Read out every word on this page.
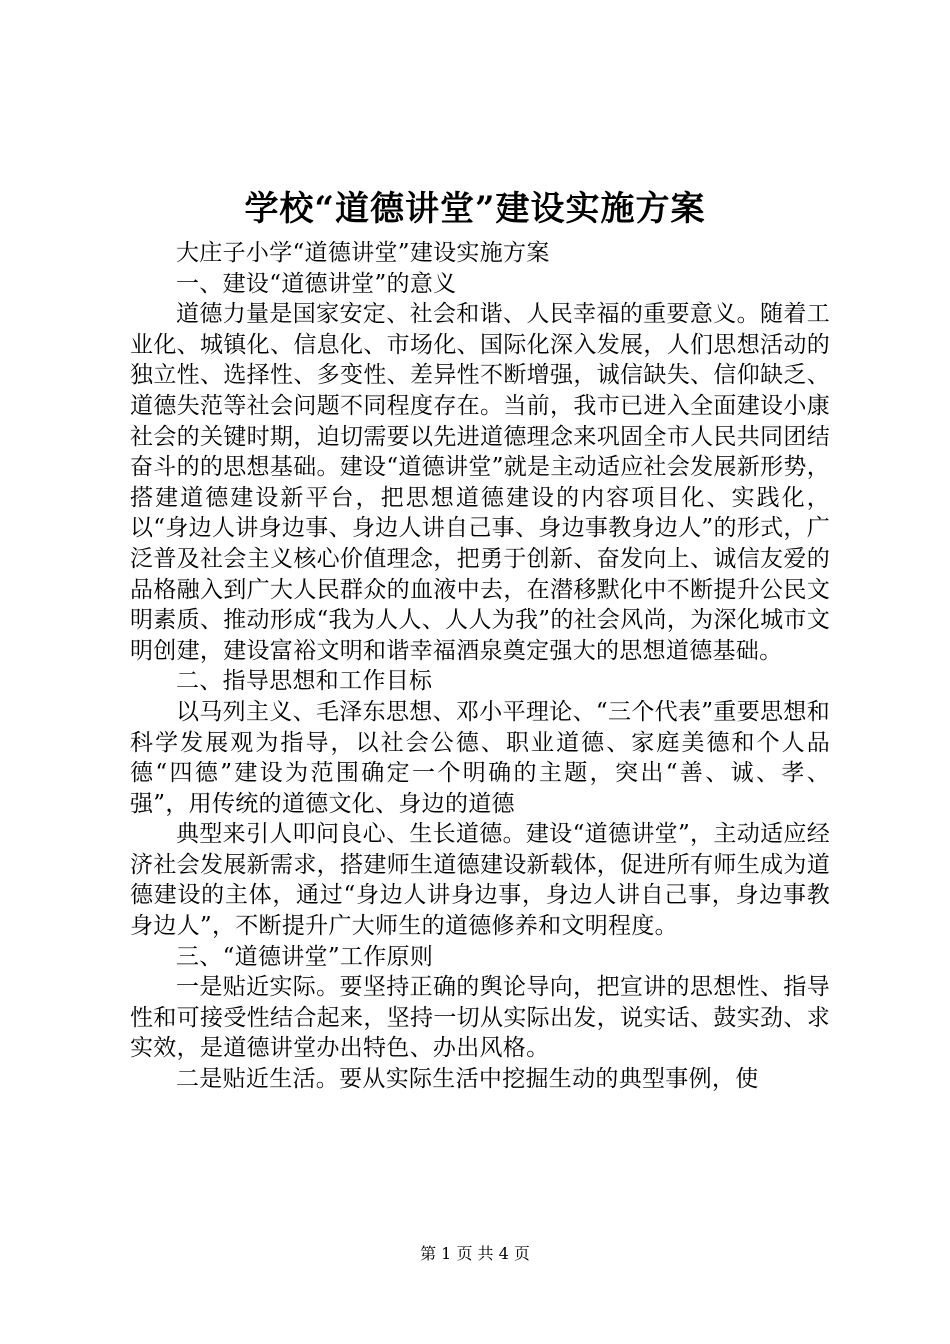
学校“道德讲堂”建设实施方案

大庄子小学“道德讲堂”建设实施方案

一、建设“道德讲堂”的意义

道德力量是国家安定、社会和谐、人民幸福的重要意义。随着工业化、城镇化、信息化、市场化、国际化深入发展，人们思想活动的独立性、选择性、多变性、差异性不断增强，诚信缺失、信仰缺乏、道德失范等社会问题不同程度存在。当前，我市已进入全面建设小康社会的关键时期，迫切需要以先进道德理念来巩固全市人民共同团结奋斗的的思想基础。建设“道德讲堂”就是主动适应社会发展新形势，搭建道德建设新平台，把思想道德建设的内容项目化、实践化，以“身边人讲身边事、身边人讲自己事、身边事教身边人”的形式，广泛普及社会主义核心价值理念，把勇于创新、奋发向上、诚信友爱的品格融入到广大人民群众的血液中去，在潜移默化中不断提升公民文明素质、推动形成“我为人人、人人为我”的社会风尚，为深化城市文明创建，建设富裕文明和谐幸福酒泉奠定强大的思想道德基础。

二、指导思想和工作目标

以马列主义、毛泽东思想、邓小平理论、“三个代表”重要思想和科学发展观为指导，以社会公德、职业道德、家庭美德和个人品德“四德”建设为范围确定一个明确的主题，突出“善、诚、孝、强”，用传统的道德文化、身边的道德

典型来引人叩问良心、生长道德。建设“道德讲堂”，主动适应经济社会发展新需求，搭建师生道德建设新载体，促进所有师生成为道德建设的主体，通过“身边人讲身边事，身边人讲自己事，身边事教身边人”，不断提升广大师生的道德修养和文明程度。

三、“道德讲堂”工作原则

一是贴近实际。要坚持正确的舆论导向，把宣讲的思想性、指导性和可接受性结合起来，坚持一切从实际出发，说实话、鼓实劲、求实效，是道德讲堂办出特色、办出风格。

二是贴近生活。要从实际生活中挖掘生动的典型事例，使

第 1 页 共 4 页
